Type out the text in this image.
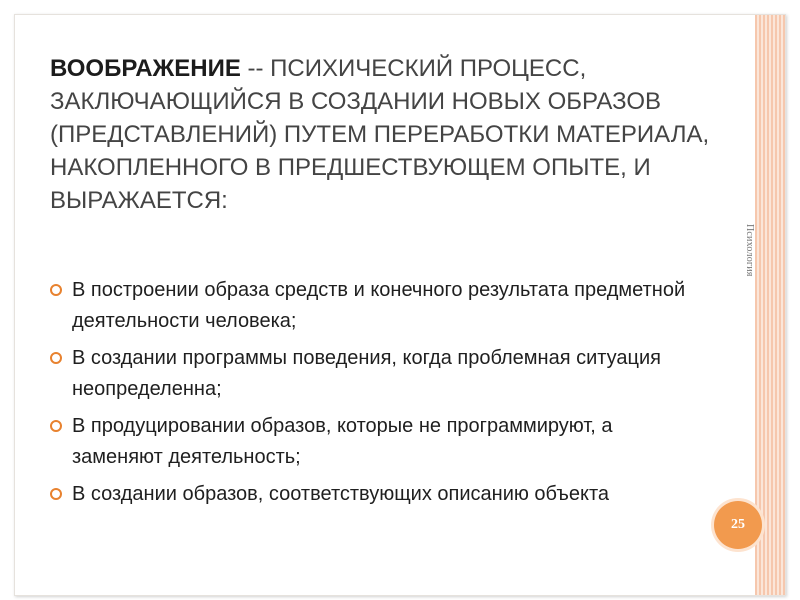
Психология

ВООБРАЖЕНИЕ -- ПСИХИЧЕСКИЙ ПРОЦЕСС, ЗАКЛЮЧАЮЩИЙСЯ В СОЗДАНИИ НОВЫХ ОБРАЗОВ (ПРЕДСТАВЛЕНИЙ) ПУТЕМ ПЕРЕРАБОТКИ МАТЕРИАЛА, НАКОПЛЕННОГО В ПРЕДШЕСТВУЮЩЕМ ОПЫТЕ, И ВЫРАЖАЕТСЯ:

В построении образа средств и конечного результата предметной деятельности человека;
В создании программы поведения, когда проблемная ситуация неопределенна;
В продуцировании образов, которые не программируют, а заменяют деятельность;
В создании образов, соответствующих описанию объекта
25
